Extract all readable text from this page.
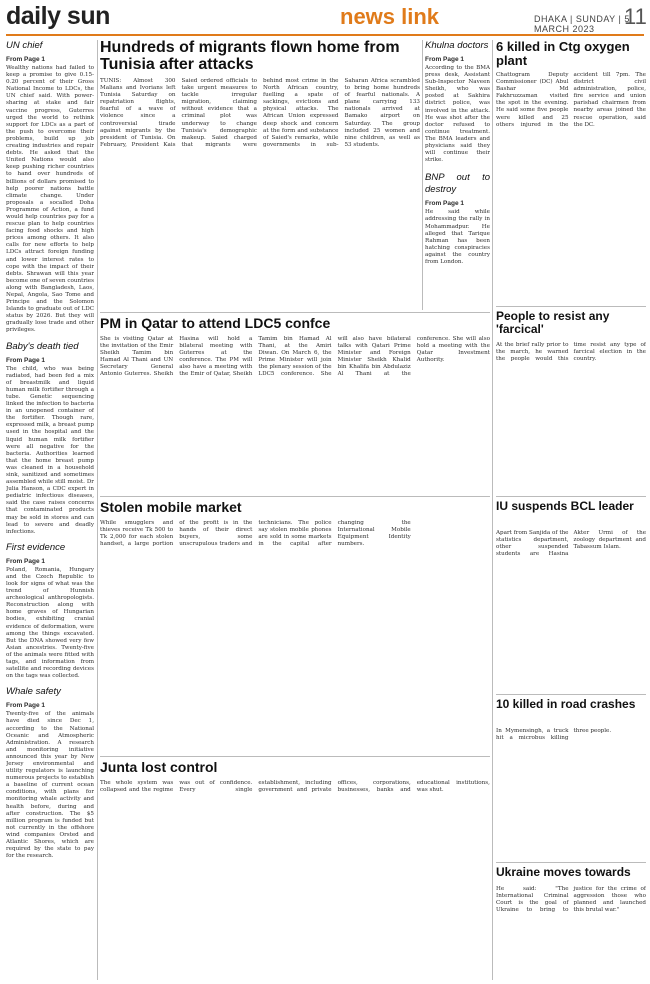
daily sun	news link	DHAKA | SUNDAY | 5 MARCH 2023	11
UN chief
From Page 1

Wealthy nations had failed to keep a promise to give 0.15-0.20 percent of their Gross National Income to LDCs, the UN chief said. With power-sharing at stake and fair vaccine progress, Guterres urged the world to rethink support for LDCs as a part of the push to overcome their problems, build up job creating industries and repair debts. He asked that the United Nations would also keep pushing richer countries to hand over hundreds of billions of dollars promised to help poorer nations battle climate change. Under proposals a socalled Doha Programme of Action, a fund would help countries pay for a rescue plan to help countries facing food shocks and high prices among others. It also calls for new efforts to help LDCs attract foreign funding and lower interest rates to cope with the impact of their debts. Shrawan will this year become one of seven countries along with Bangladesh, Laos, Nepal, Angola, Sao Tome and Principe and the Solomon Islands to graduate out of LDC status by 2026. But they will gradually lose trade and other privileges.

Baby's death tied
From Page 1

The child, who was being radiated, had been fed a mix of breastmilk and liquid human milk fortifier through a tube. Genetic sequencing linked the infection to bacteria in an unopened container of the fortifier. Though rare, expressed milk, a breast pump used in the hospital and the liquid human milk fortifier were all negative for the bacteria. Authorities learned that the home breast pump was cleaned in a household sink, sanitized and sometimes assembled while still moist. Dr Julia Hanson, a CDC expert in pediatric infectious diseases, said the case raises concerns that contaminated products may be sold in stores and can lead to severe and deadly infections.

First evidence
From Page 1

Poland, Romania, Hungary and the Czech Republic to look for signs of what was the trend of Hunnish archeological anthropologists. Reconstruction along with home graves of Hungarian bodies, exhibiting cranial evidence of deformation, were among the things excavated. But the DNA showed very few Asian ancestries. Twenty-five of the animals were fitted with tags, and information from satellite and recording devices on the tags was collected.

Whale safety
From Page 1

Twenty-five of the animals have died since Dec 1, according to the National Oceanic and Atmospheric Administration. A research and monitoring initiative announced this year by New Jersey environmental and utility regulators is launching numerous projects to establish a baseline of current ocean conditions, with plans for monitoring whale activity and health before, during and after construction. The $5 million program is funded but not currently in the offshore wind companies Orsted and Atlantic Shores, which are required by the state to pay for the research.

Hundreds of migrants flown home from Tunisia after attacks

TUNIS: Almost 300 Malians and Ivorians left Tunisia Saturday on repatriation flights, fearful of a wave of violence since a controversial tirade against migrants by the president of Tunisia. On February, President Kais Saied ordered officials to take urgent measures to tackle irregular migration, claiming without evidence that a criminal plot was underway to change Tunisia's demographic makeup. Saied charged that migrants were behind most crime in the North African country, fuelling a spate of sackings, evictions and physical attacks. The African Union expressed deep shock and concern at the form and substance of Saied's remarks, while governments in sub-Saharan Africa scrambled to bring home hundreds of fearful nationals. A plane carrying 133 nationals arrived at Bamako airport on Saturday. The group included 25 women and nine children, as well as 53 students.

Khulna doctors
From Page 1

According to the BMA press desk, Assistant Sub-Inspector Naveen Sheikh, who was posted at Sakhira district police, was involved in the attack. He was shot after the doctor refused to continue treatment. The BMA leaders and physicians said they will continue their strike.

BNP out to destroy
From Page 1

He said while addressing the rally in Mohammadpur. He alleged that Tarique Rahman has been hatching conspiracies against the country from London.

PM in Qatar to attend LDC5 confce

She is visiting Qatar at the invitation of the Emir Sheikh Tamim bin Hamad Al Thani and UN Secretary General Antonio Guterres. Sheikh Hasina will hold a bilateral meeting with Guterres at the conference. The PM will also have a meeting with the Emir of Qatar, Sheikh Tamim bin Hamad Al Thani, at the Amiri Diwan. On March 6, the Prime Minister will join the plenary session of the LDC5 conference. She will also have bilateral talks with Qatari Prime Minister and Foreign Minister Sheikh Khalid bin Khalifa bin Abdulaziz Al Thani at the conference. She will also hold a meeting with the Qatar Investment Authority.

Stolen mobile market

While smugglers and thieves receive Tk 500 to Tk 2,000 for each stolen handset, a large portion of the profit is in the hands of their direct buyers, some unscrupulous traders and technicians. The police say stolen mobile phones are sold in some markets in the capital after changing the International Mobile Equipment Identity numbers.

Junta lost control

The whole system was collapsed and the regime was out of confidence. Every single establishment, including government and private offices, corporations, businesses, banks and educational institutions, was shut.

6 killed in Ctg oxygen plant

Chattogram Deputy Commissioner (DC) Abul Bashar Md Fakhruzzaman visited the spot in the evening. He said some five people were killed and 25 others injured in the accident till 7pm. The district civil administration, police, fire service and union parishad chairmen from nearby areas joined the rescue operation, said the DC.

People to resist any 'farcical'

At the brief rally prior to the march, he warned the people would this time resist any type of farcical election in the country.

IU suspends BCL leader

Apart from Sanjida of the statistics department, other suspended students are Hasina Akter Urmi of the zoology department and Tabassum Islam.

10 killed in road crashes

In Mymensingh, a truck hit a microbus killing three people.

Ukraine moves towards

He said: "The International Criminal Court is the goal of Ukraine to bring to justice for the crime of aggression those who planned and launched this brutal war."
